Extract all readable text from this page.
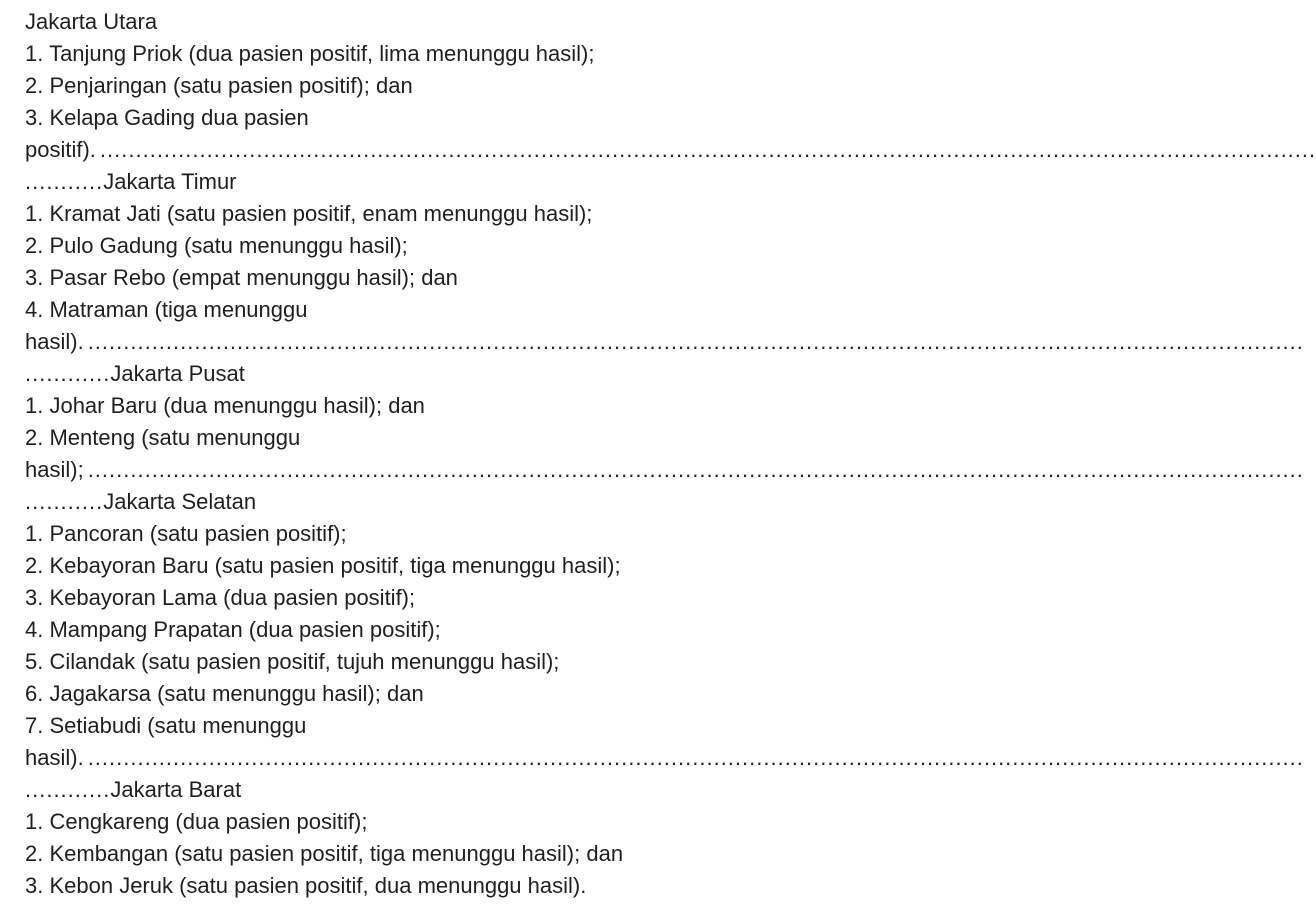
Jakarta Utara
1. Tanjung Priok (dua pasien positif, lima menunggu hasil);
2. Penjaringan (satu pasien positif); dan
3. Kelapa Gading dua pasien
positif). ...........................................................................................................................................................................
...........Jakarta Timur
1. Kramat Jati (satu pasien positif, enam menunggu hasil);
2. Pulo Gadung (satu menunggu hasil);
3. Pasar Rebo (empat menunggu hasil); dan
4. Matraman (tiga menunggu
hasil). ...........................................................................................................................................................................
............Jakarta Pusat
1. Johar Baru (dua menunggu hasil); dan
2. Menteng (satu menunggu
hasil); ...........................................................................................................................................................................
...........Jakarta Selatan
1. Pancoran (satu pasien positif);
2. Kebayoran Baru (satu pasien positif, tiga menunggu hasil);
3. Kebayoran Lama (dua pasien positif);
4. Mampang Prapatan (dua pasien positif);
5. Cilandak (satu pasien positif, tujuh menunggu hasil);
6. Jagakarsa (satu menunggu hasil); dan
7. Setiabudi (satu menunggu
hasil). ...........................................................................................................................................................................
............Jakarta Barat
1. Cengkareng (dua pasien positif);
2. Kembangan (satu pasien positif, tiga menunggu hasil); dan
3. Kebon Jeruk (satu pasien positif, dua menunggu hasil).
